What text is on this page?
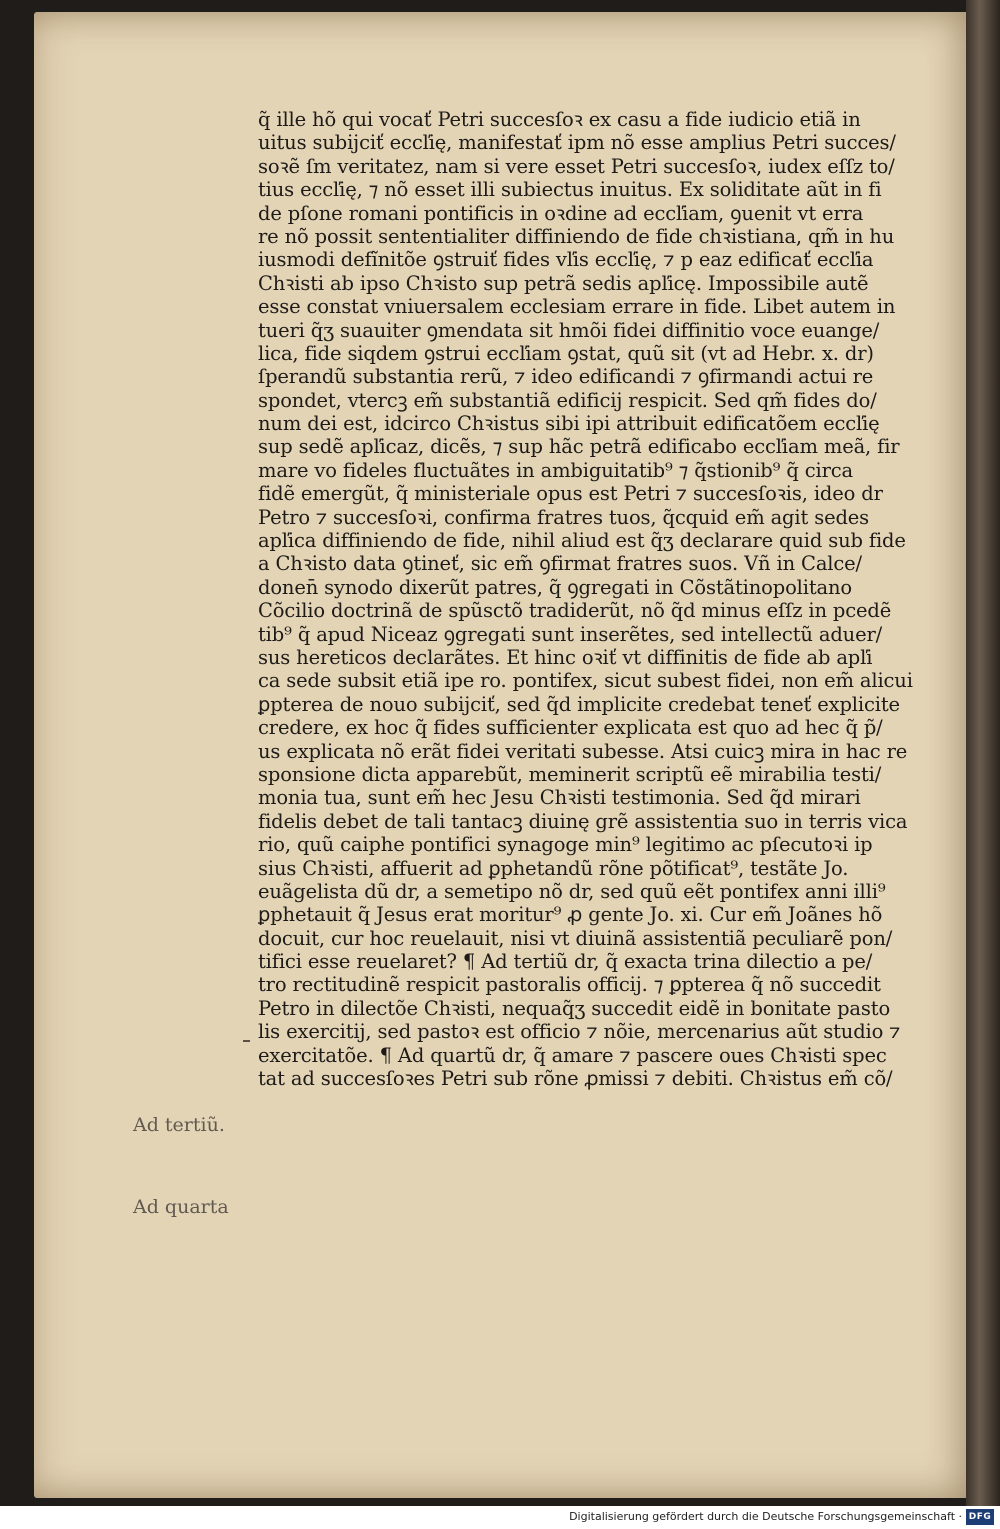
q̃ ille hõ qui vocať Petri succesſoꝛ ex casu a fide iudicio etiã in
uitus subijciť eccľię, manifestať ipm nõ esse amplius Petri succes/
soꝛẽ ſm veritatez, nam si vere esset Petri succesſoꝛ, iudex eſſz to/
tius eccľię, ⁊ nõ esset illi subiectus inuitus. Ex soliditate aũt in fi
de pſone romani pontificis in oꝛdine ad eccľiam, ꝯuenit vt erra
re nõ possit sententialiter diffiniendo de fide chꝛistiana, qm̃ in hu
iusmodi defĩnitõe ꝯstruiť fides vľis eccľię, ⁊ p eaz edificať eccľia
Chꝛisti ab ipso Chꝛisto sup petrã sedis apľicę. Impossibile autẽ
esse constat vniuersalem ecclesiam errare in fide. Libet autem in
tueri q̃ʒ suauiter ꝯmendata sit hmõi fidei diffinitio voce euange/
lica, fide siqdem ꝯstrui eccľiam ꝯstat, quũ sit (vt ad Hebr. x. dr)
ſperandũ substantia rerũ, ⁊ ideo edificandi ⁊ ꝯfirmandi actui re
spondet, vtercꝫ em̃ substantiã edificij respicit. Sed qm̃ fides do/
num dei est, idcirco Chꝛistus sibi ipi attribuit edificatõem eccľię
sup sedẽ apľicaz, dicẽs, ⁊ sup hãc petrã edificabo eccľiam meã, fir
mare vo fideles fluctuãtes in ambiguitatib⁹ ⁊ q̃stionib⁹ q̃ circa
fidẽ emergũt, q̃ ministeriale opus est Petri ⁊ succesſoꝛis, ideo dr
Petro ⁊ succesſoꝛi, confirma fratres tuos, q̃cquid em̃ agit sedes
apľica diffiniendo de fide, nihil aliud est q̃ʒ declarare quid sub fide
a Chꝛisto data ꝯtineť, sic em̃ ꝯfirmat fratres suos. Vñ in Calce/
donen̄ synodo dixerũt patres, q̃ ꝯgregati in Cõstãtinopolitano
Cõcilio doctrinã de spũsctõ tradiderũt, nõ q̃d minus eſſz in pcedẽ
tib⁹ q̃ apud Niceaz ꝯgregati sunt inserẽtes, sed intellectũ aduer/
sus hereticos declarãtes. Et hinc oꝛiť vt diffinitis de fide ab apľi
ca sede subsit etiã ipe ro. pontifex, sicut subest fidei, non em̃ alicui
ꝑpterea de nouo subijciť, sed q̃d implicite credebat teneť explicite
credere, ex hoc q̃ fides sufficienter explicata est quo ad hec q̃ p̃/
us explicata nõ erãt fidei veritati subesse. Atsi cuicꝫ mira in hac re
sponsione dicta apparebũt, meminerit scriptũ eẽ mirabilia testi/
monia tua, sunt em̃ hec Jesu Chꝛisti testimonia. Sed q̃d mirari
fidelis debet de tali tantacꝫ diuinę grẽ assistentia suo in terris vica
rio, quũ caiphe pontifici synagoge min⁹ legitimo ac pſecutoꝛi ip
sius Chꝛisti, affuerit ad ꝑphetandũ rõne põtificat⁹, testãte Jo.
euãgelista dũ dr, a semetipo nõ dr, sed quũ eẽt pontifex anni illi⁹
ꝑphetauit q̃ Jesus erat moritur⁹ ꝓ gente Jo. xi. Cur em̃ Joãnes hõ
docuit, cur hoc reuelauit, nisi vt diuinã assistentiã peculiarẽ pon/
tifici esse reuelaret? ¶ Ad tertiũ dr, q̃ exacta trina dilectio a pe/
tro rectitudinẽ respicit pastoralis officij. ⁊ ꝑpterea q̃ nõ succedit
Petro in dilectõe Chꝛisti, nequaq̃ʒ succedit eidẽ in bonitate pasto
lis exercitij, sed pastoꝛ est officio ⁊ nõie, mercenarius aũt studio ⁊
exercitatõe. ¶ Ad quartũ dr, q̃ amare ⁊ pascere oues Chꝛisti spec
tat ad succesſoꝛes Petri sub rõne ꝓmissi ⁊ debiti. Chꝛistus em̃ cõ/
Ad tertiũ.
Ad quarta
Digitalisierung gefördert durch die Deutsche Forschungsgemeinschaft · DFG
